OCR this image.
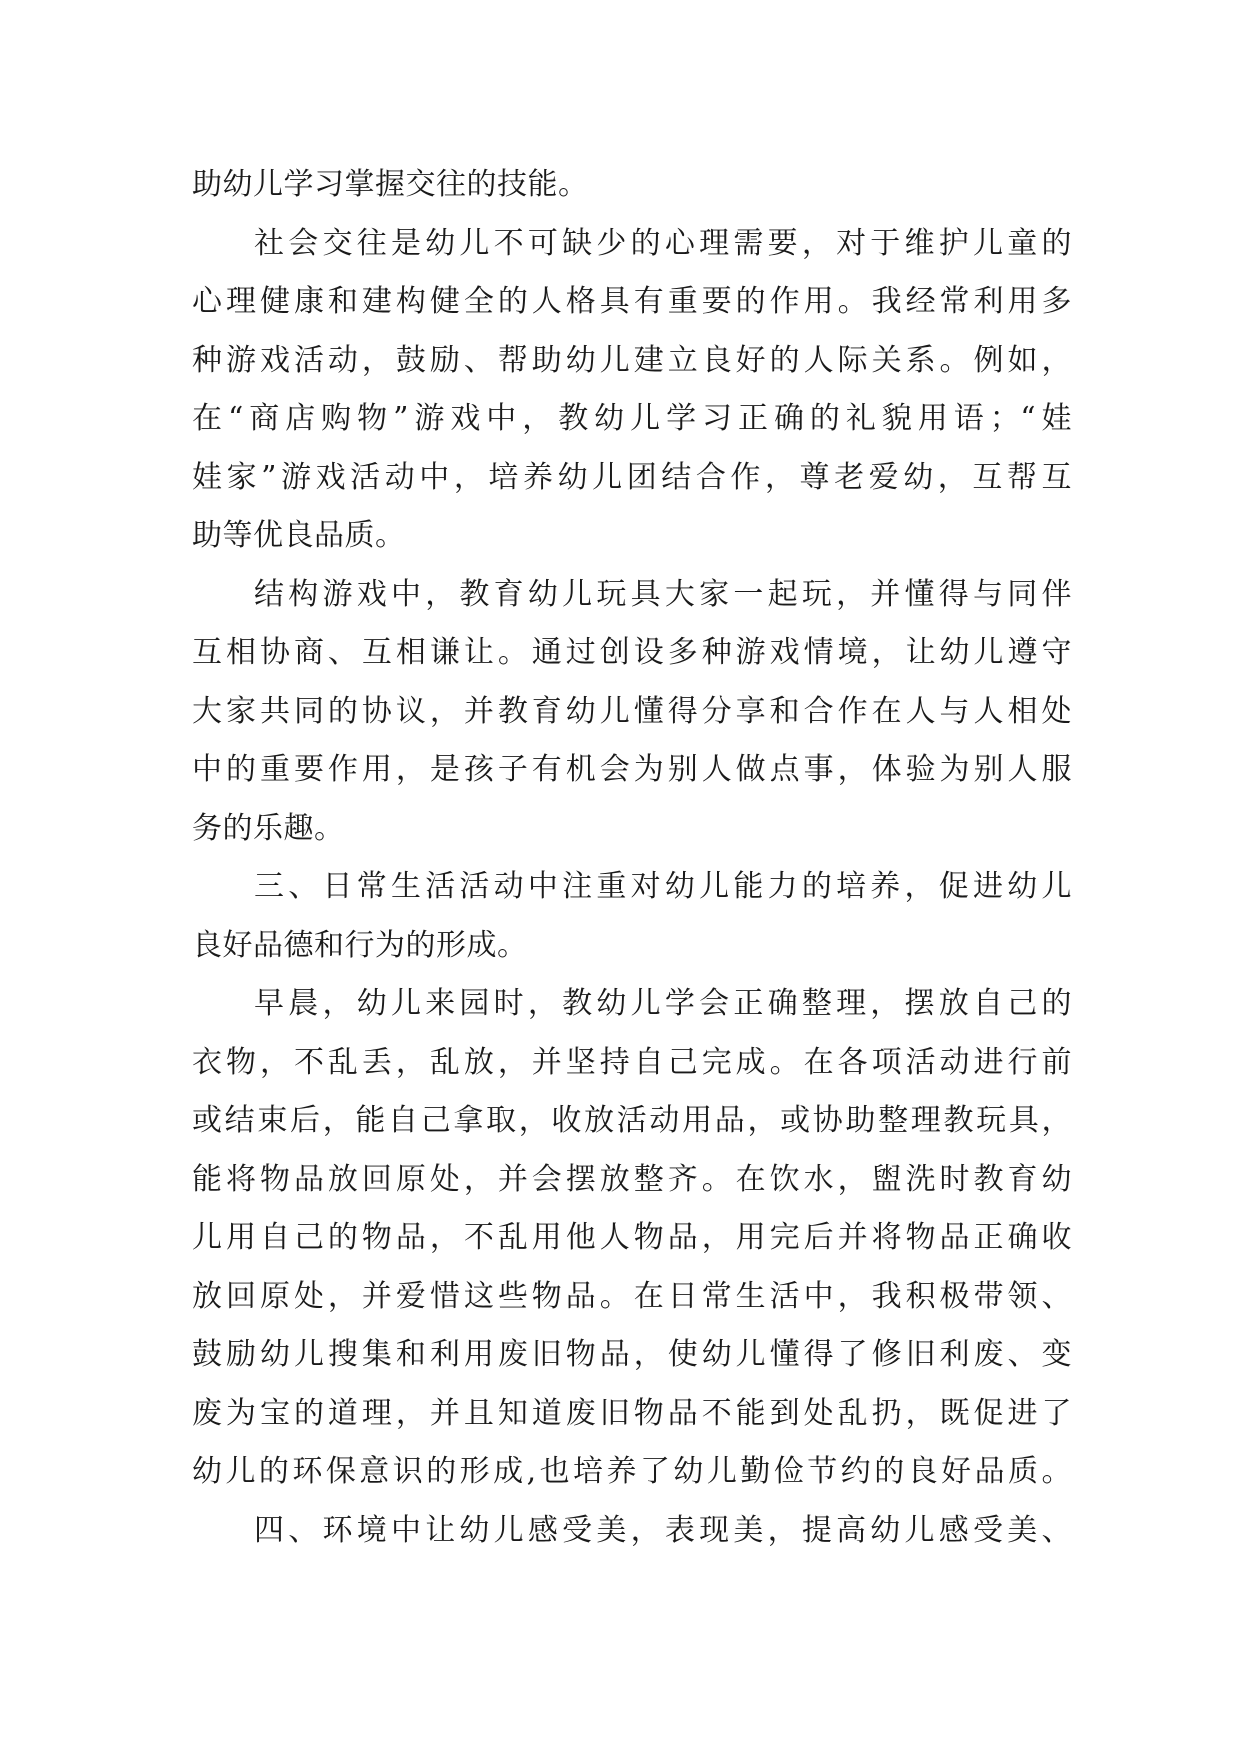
助幼儿学习掌握交往的技能。
社会交往是幼儿不可缺少的心理需要，对于维护儿童的
心理健康和建构健全的人格具有重要的作用。我经常利用多
种游戏活动，鼓励、帮助幼儿建立良好的人际关系。例如，
在“商店购物”游戏中，教幼儿学习正确的礼貌用语；“娃
娃家”游戏活动中，培养幼儿团结合作，尊老爱幼，互帮互
助等优良品质。
结构游戏中，教育幼儿玩具大家一起玩，并懂得与同伴
互相协商、互相谦让。通过创设多种游戏情境，让幼儿遵守
大家共同的协议，并教育幼儿懂得分享和合作在人与人相处
中的重要作用，是孩子有机会为别人做点事，体验为别人服
务的乐趣。
三、日常生活活动中注重对幼儿能力的培养，促进幼儿
良好品德和行为的形成。
早晨，幼儿来园时，教幼儿学会正确整理，摆放自己的
衣物，不乱丢，乱放，并坚持自己完成。在各项活动进行前
或结束后，能自己拿取，收放活动用品，或协助整理教玩具，
能将物品放回原处，并会摆放整齐。在饮水，盥洗时教育幼
儿用自己的物品，不乱用他人物品，用完后并将物品正确收
放回原处，并爱惜这些物品。在日常生活中，我积极带领、
鼓励幼儿搜集和利用废旧物品，使幼儿懂得了修旧利废、变
废为宝的道理，并且知道废旧物品不能到处乱扔，既促进了
幼儿的环保意识的形成,也培养了幼儿勤俭节约的良好品质。
四、环境中让幼儿感受美，表现美，提高幼儿感受美、
